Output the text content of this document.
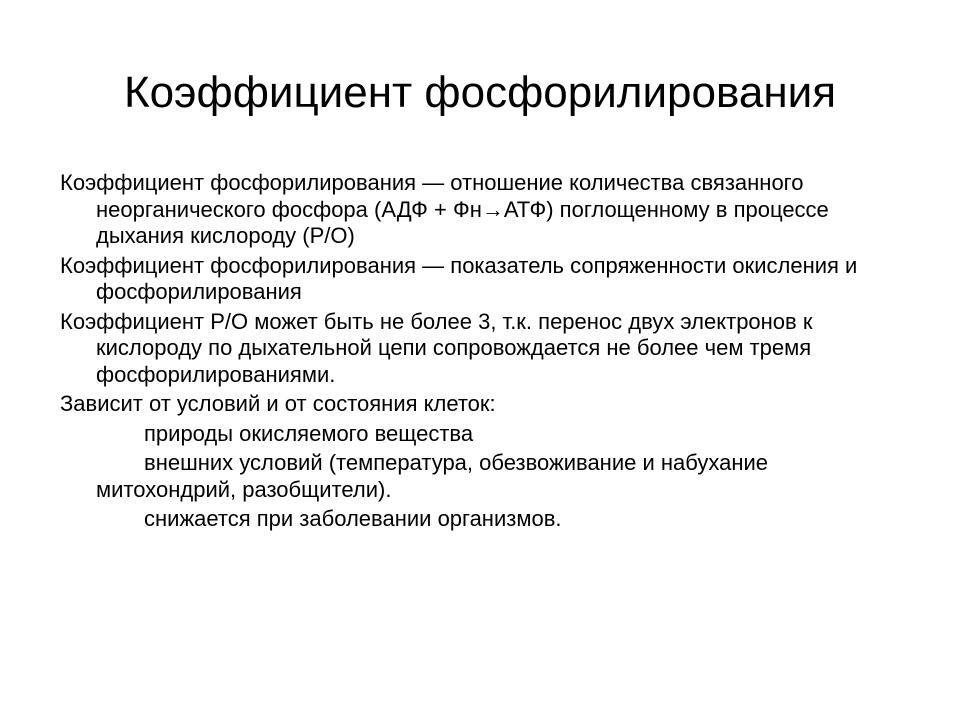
Коэффициент фосфорилирования

Коэффициент фосфорилирования — отношение количества связанного неорганического фосфора (АДФ + Фн→АТФ) поглощенному в процессе дыхания кислороду (Р/О)

Коэффициент фосфорилирования — показатель сопряженности окисления и фосфорилирования

Коэффициент Р/О может быть не более 3, т.к. перенос двух электронов к кислороду по дыхательной цепи сопровождается не более чем тремя фосфорилированиями.

Зависит от условий и от состояния клеток:

природы окисляемого вещества

внешних условий (температура, обезвоживание и набухание митохондрий, разобщители).

снижается при заболевании организмов.
